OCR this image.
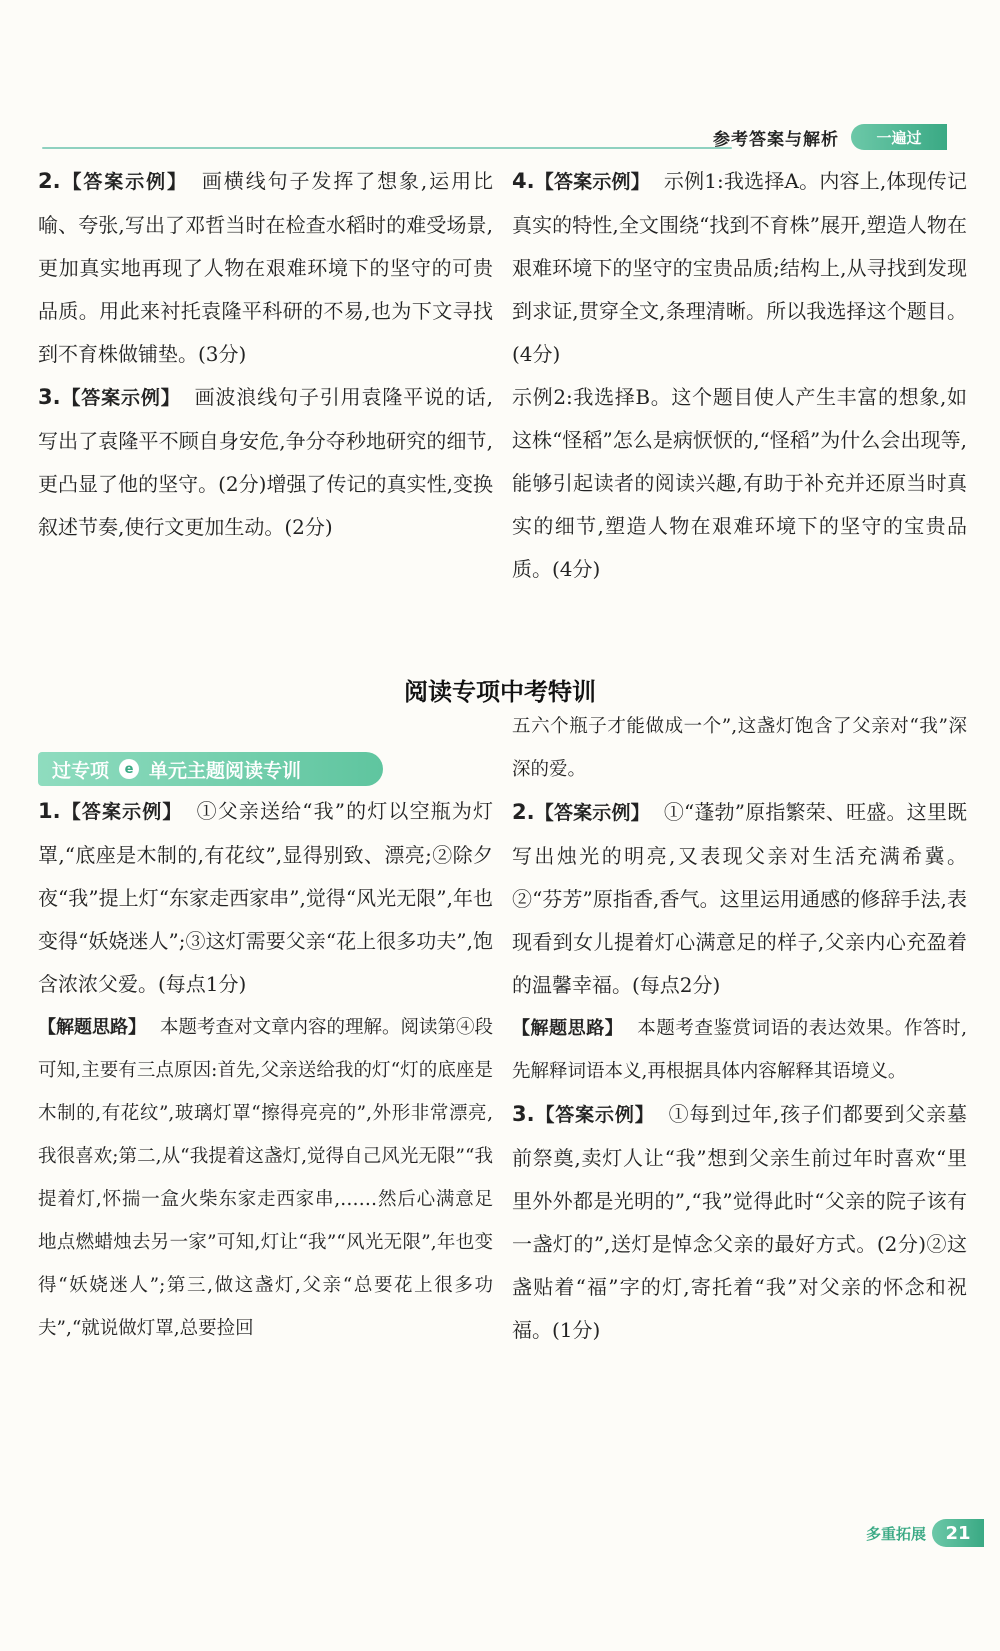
参考答案与解析	一遍过

2.【答案示例】 画横线句子发挥了想象,运用比喻、夸张,写出了邓哲当时在检查水稻时的难受场景,更加真实地再现了人物在艰难环境下的坚守的可贵品质。用此来衬托袁隆平科研的不易,也为下文寻找到不育株做铺垫。(3分)

3.【答案示例】 画波浪线句子引用袁隆平说的话,写出了袁隆平不顾自身安危,争分夺秒地研究的细节,更凸显了他的坚守。(2分)增强了传记的真实性,变换叙述节奏,使行文更加生动。(2分)

4.【答案示例】 示例1:我选择A。内容上,体现传记真实的特性,全文围绕“找到不育株”展开,塑造人物在艰难环境下的坚守的宝贵品质;结构上,从寻找到发现到求证,贯穿全文,条理清晰。所以我选择这个题目。(4分)

示例2:我选择B。这个题目使人产生丰富的想象,如这株“怪稻”怎么是病恹恹的,“怪稻”为什么会出现等,能够引起读者的阅读兴趣,有助于补充并还原当时真实的细节,塑造人物在艰难环境下的坚守的宝贵品质。(4分)

阅读专项中考特训
过专项	e 单元主题阅读专训

1.【答案示例】 ①父亲送给“我”的灯以空瓶为灯罩,“底座是木制的,有花纹”,显得别致、漂亮;②除夕夜“我”提上灯“东家走西家串”,觉得“风光无限”,年也变得“妖娆迷人”;③这灯需要父亲“花上很多功夫”,饱含浓浓父爱。(每点1分)

【解题思路】 本题考查对文章内容的理解。阅读第④段可知,主要有三点原因:首先,父亲送给我的灯“灯的底座是木制的,有花纹”,玻璃灯罩“擦得亮亮的”,外形非常漂亮,我很喜欢;第二,从“我提着这盏灯,觉得自己风光无限”“我提着灯,怀揣一盒火柴东家走西家串,……然后心满意足地点燃蜡烛去另一家”可知,灯让“我”“风光无限”,年也变得“妖娆迷人”;第三,做这盏灯,父亲“总要花上很多功夫”,“就说做灯罩,总要捡回

五六个瓶子才能做成一个”,这盏灯饱含了父亲对“我”深深的爱。

2.【答案示例】 ①“蓬勃”原指繁荣、旺盛。这里既写出烛光的明亮,又表现父亲对生活充满希冀。②“芬芳”原指香,香气。这里运用通感的修辞手法,表现看到女儿提着灯心满意足的样子,父亲内心充盈着的温馨幸福。(每点2分)

【解题思路】 本题考查鉴赏词语的表达效果。作答时,先解释词语本义,再根据具体内容解释其语境义。

3.【答案示例】 ①每到过年,孩子们都要到父亲墓前祭奠,卖灯人让“我”想到父亲生前过年时喜欢“里里外外都是光明的”,“我”觉得此时“父亲的院子该有一盏灯的”,送灯是悼念父亲的最好方式。(2分)②这盏贴着“福”字的灯,寄托着“我”对父亲的怀念和祝福。(1分)

多重拓展	21
